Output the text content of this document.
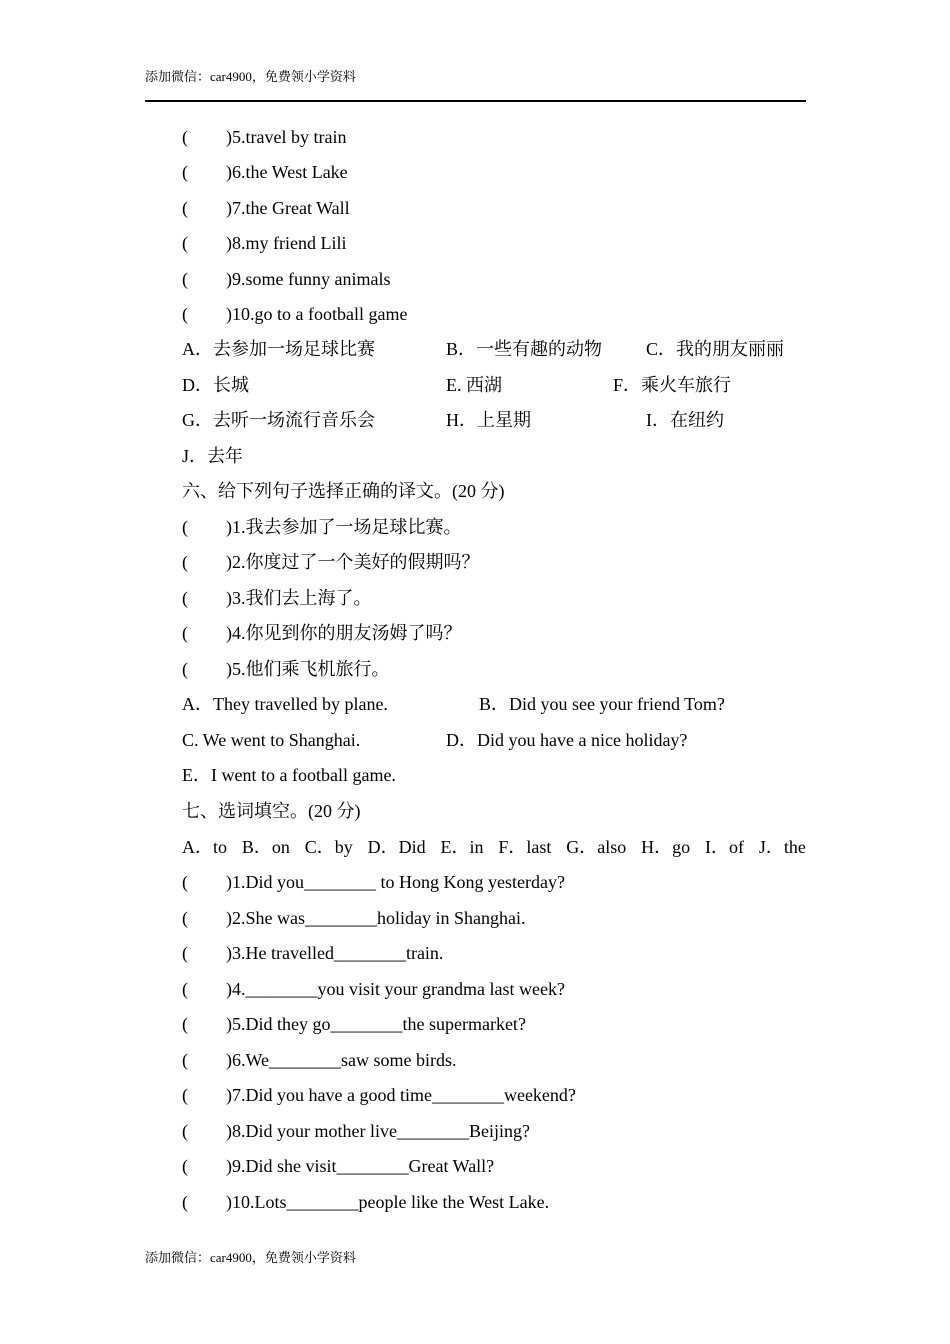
添加微信：car4900，免费领小学资料
( )5.travel by train
( )6.the West Lake
( )7.the Great Wall
( )8.my friend Lili
( )9.some funny animals
( )10.go to a football game
A．去参加一场足球比赛	B．一些有趣的动物 C．我的朋友丽丽
D．长城	E. 西湖	F．乘火车旅行
G．去听一场流行音乐会	H．上星期	I．在纽约
J．去年
六、给下列句子选择正确的译文。(20 分)
( )1.我去参加了一场足球比赛。
( )2.你度过了一个美好的假期吗？
( )3.我们去上海了。
( )4.你见到你的朋友汤姆了吗？
( )5.他们乘飞机旅行。
A．They travelled by plane.	B．Did you see your friend Tom?
C. We went to Shanghai.	D．Did you have a nice holiday?
E．I went to a football game.
七、选词填空。(20 分)
A．to B．on C．by D．Did E．in F．last G．also H．go I．of J．the
( )1.Did you________ to Hong Kong yesterday?
( )2.She was________holiday in Shanghai.
( )3.He travelled________train.
( )4.________you visit your grandma last week?
( )5.Did they go________the supermarket?
( )6.We________saw some birds.
( )7.Did you have a good time________weekend?
( )8.Did your mother live________Beijing?
( )9.Did she visit________Great Wall?
( )10.Lots________people like the West Lake.
添加微信：car4900，免费领小学资料
